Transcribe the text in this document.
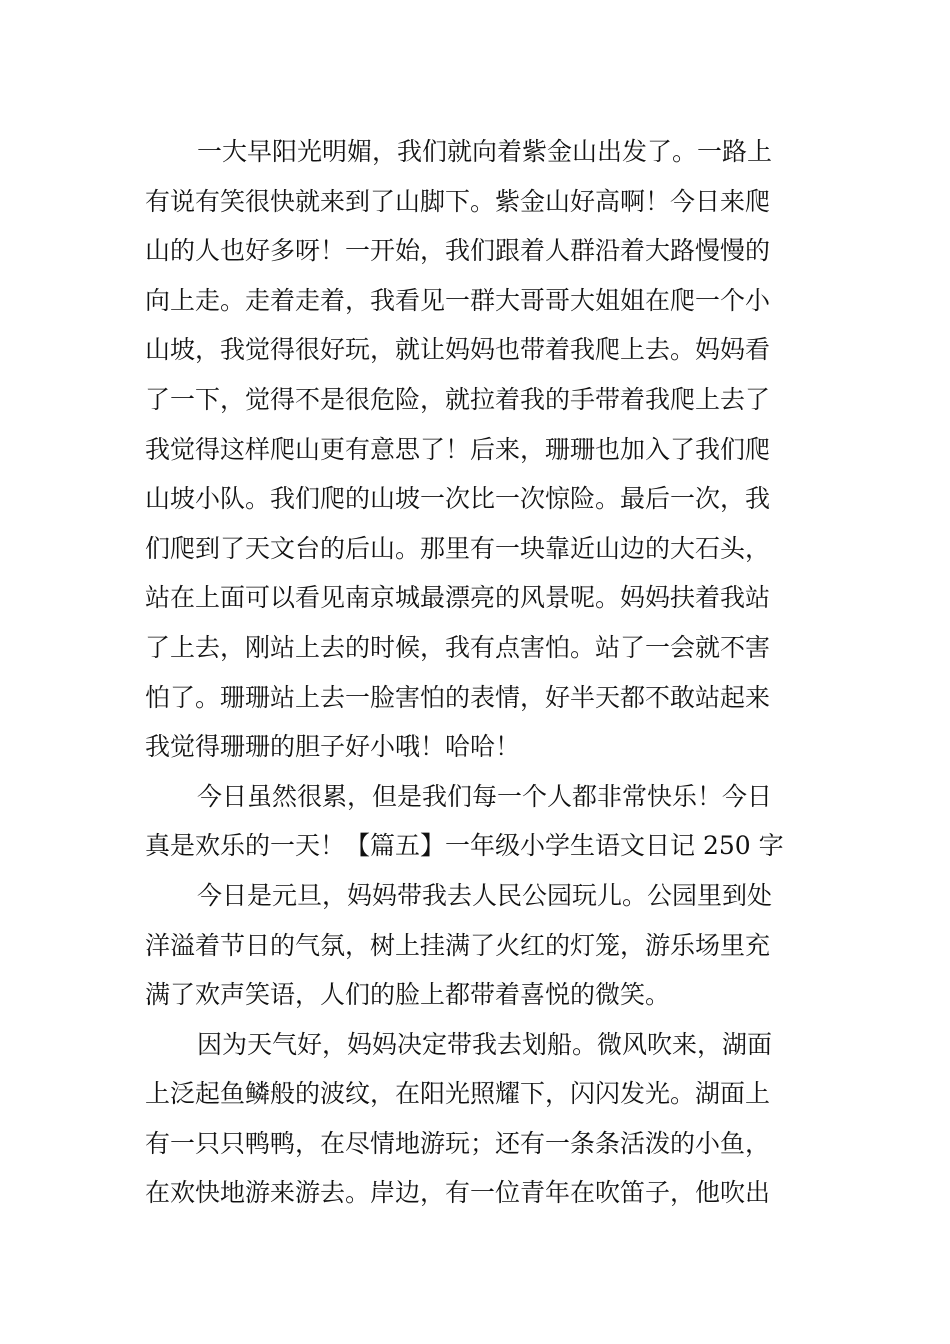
一大早阳光明媚，我们就向着紫金山出发了。一路上
有说有笑很快就来到了山脚下。紫金山好高啊！今日来爬
山的人也好多呀！一开始，我们跟着人群沿着大路慢慢的
向上走。走着走着，我看见一群大哥哥大姐姐在爬一个小
山坡，我觉得很好玩，就让妈妈也带着我爬上去。妈妈看
了一下，觉得不是很危险，就拉着我的手带着我爬上去了
我觉得这样爬山更有意思了！后来，珊珊也加入了我们爬
山坡小队。我们爬的山坡一次比一次惊险。最后一次，我
们爬到了天文台的后山。那里有一块靠近山边的大石头，
站在上面可以看见南京城最漂亮的风景呢。妈妈扶着我站
了上去，刚站上去的时候，我有点害怕。站了一会就不害
怕了。珊珊站上去一脸害怕的表情，好半天都不敢站起来
我觉得珊珊的胆子好小哦！哈哈！
今日虽然很累，但是我们每一个人都非常快乐！今日
真是欢乐的一天！【篇五】一年级小学生语文日记 250 字
今日是元旦，妈妈带我去人民公园玩儿。公园里到处
洋溢着节日的气氛，树上挂满了火红的灯笼，游乐场里充
满了欢声笑语，人们的脸上都带着喜悦的微笑。
因为天气好，妈妈决定带我去划船。微风吹来，湖面
上泛起鱼鳞般的波纹，在阳光照耀下，闪闪发光。湖面上
有一只只鸭鸭，在尽情地游玩；还有一条条活泼的小鱼，
在欢快地游来游去。岸边，有一位青年在吹笛子，他吹出
